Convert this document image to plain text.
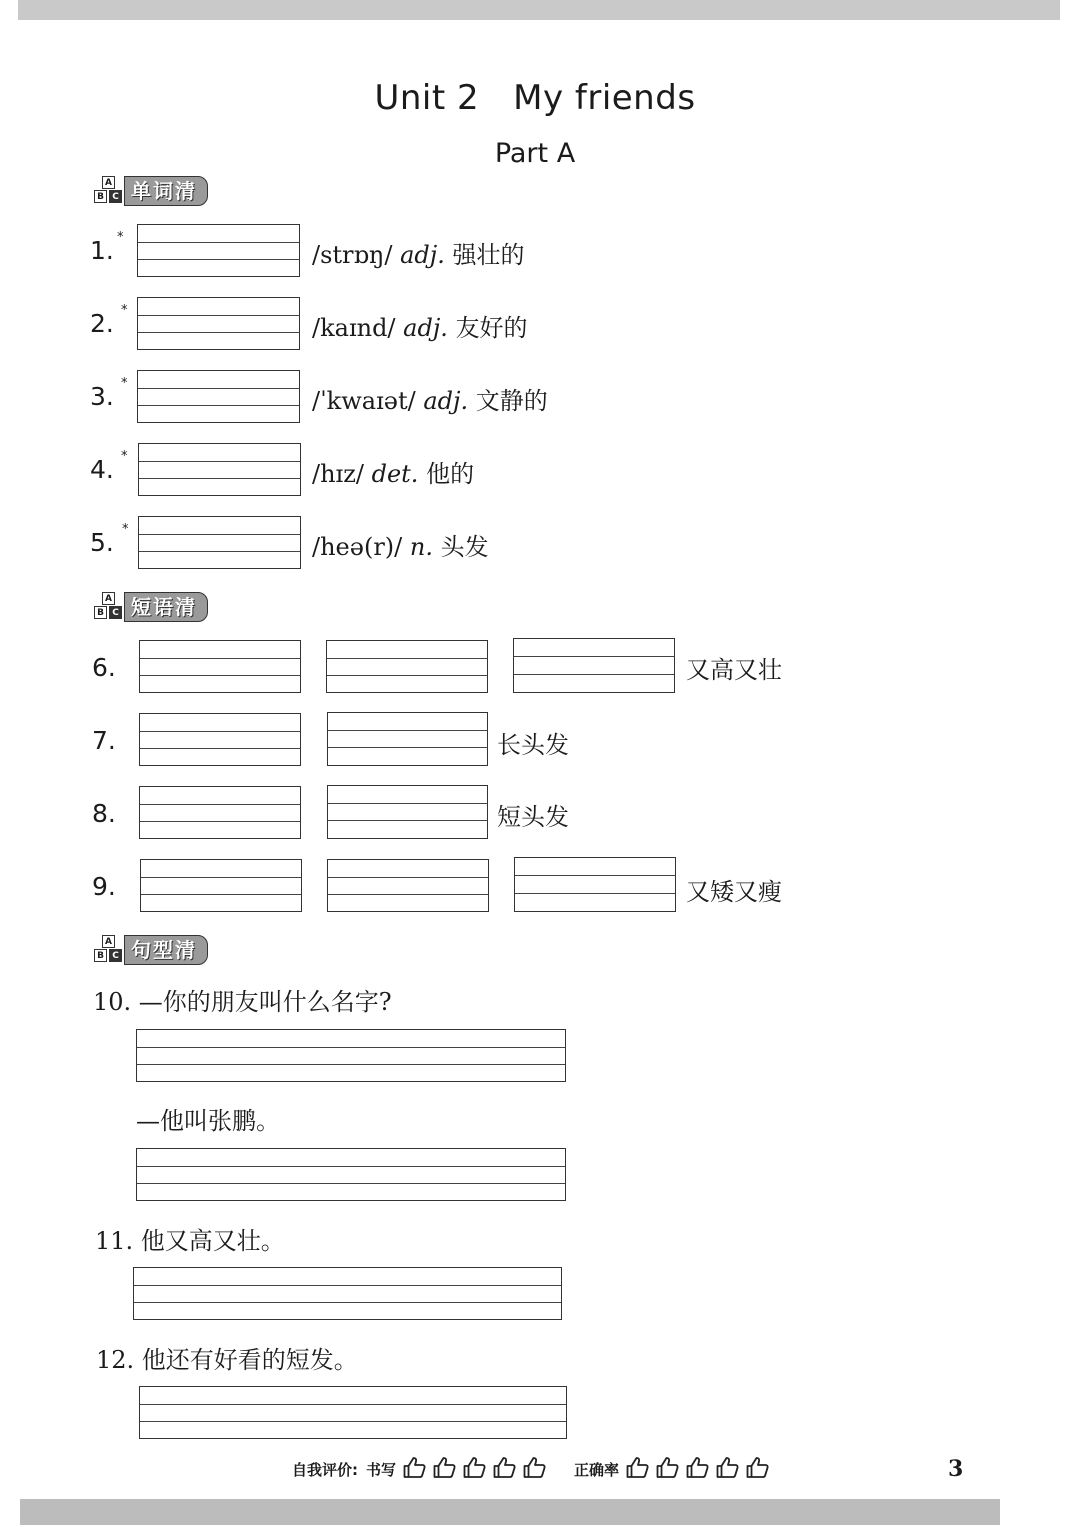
Unit 2 My friends
Part A
A
B C 单词清
1. *
/strɒŋ/ adj. 强壮的
2. *
/kaɪnd/ adj. 友好的
3. *
/ˈkwaɪət/ adj. 文静的
4. *
/hɪz/ det. 他的
5. *
/heə(r)/ n. 头发
A
B C 短语清
6.	又高又壮
7.	长头发
8.	短头发
9.	又矮又瘦
A
B C 句型清
10. —你的朋友叫什么名字?
—他叫张鹏。
11. 他又高又壮。
12. 他还有好看的短发。
自我评价: 书写	正确率	3
